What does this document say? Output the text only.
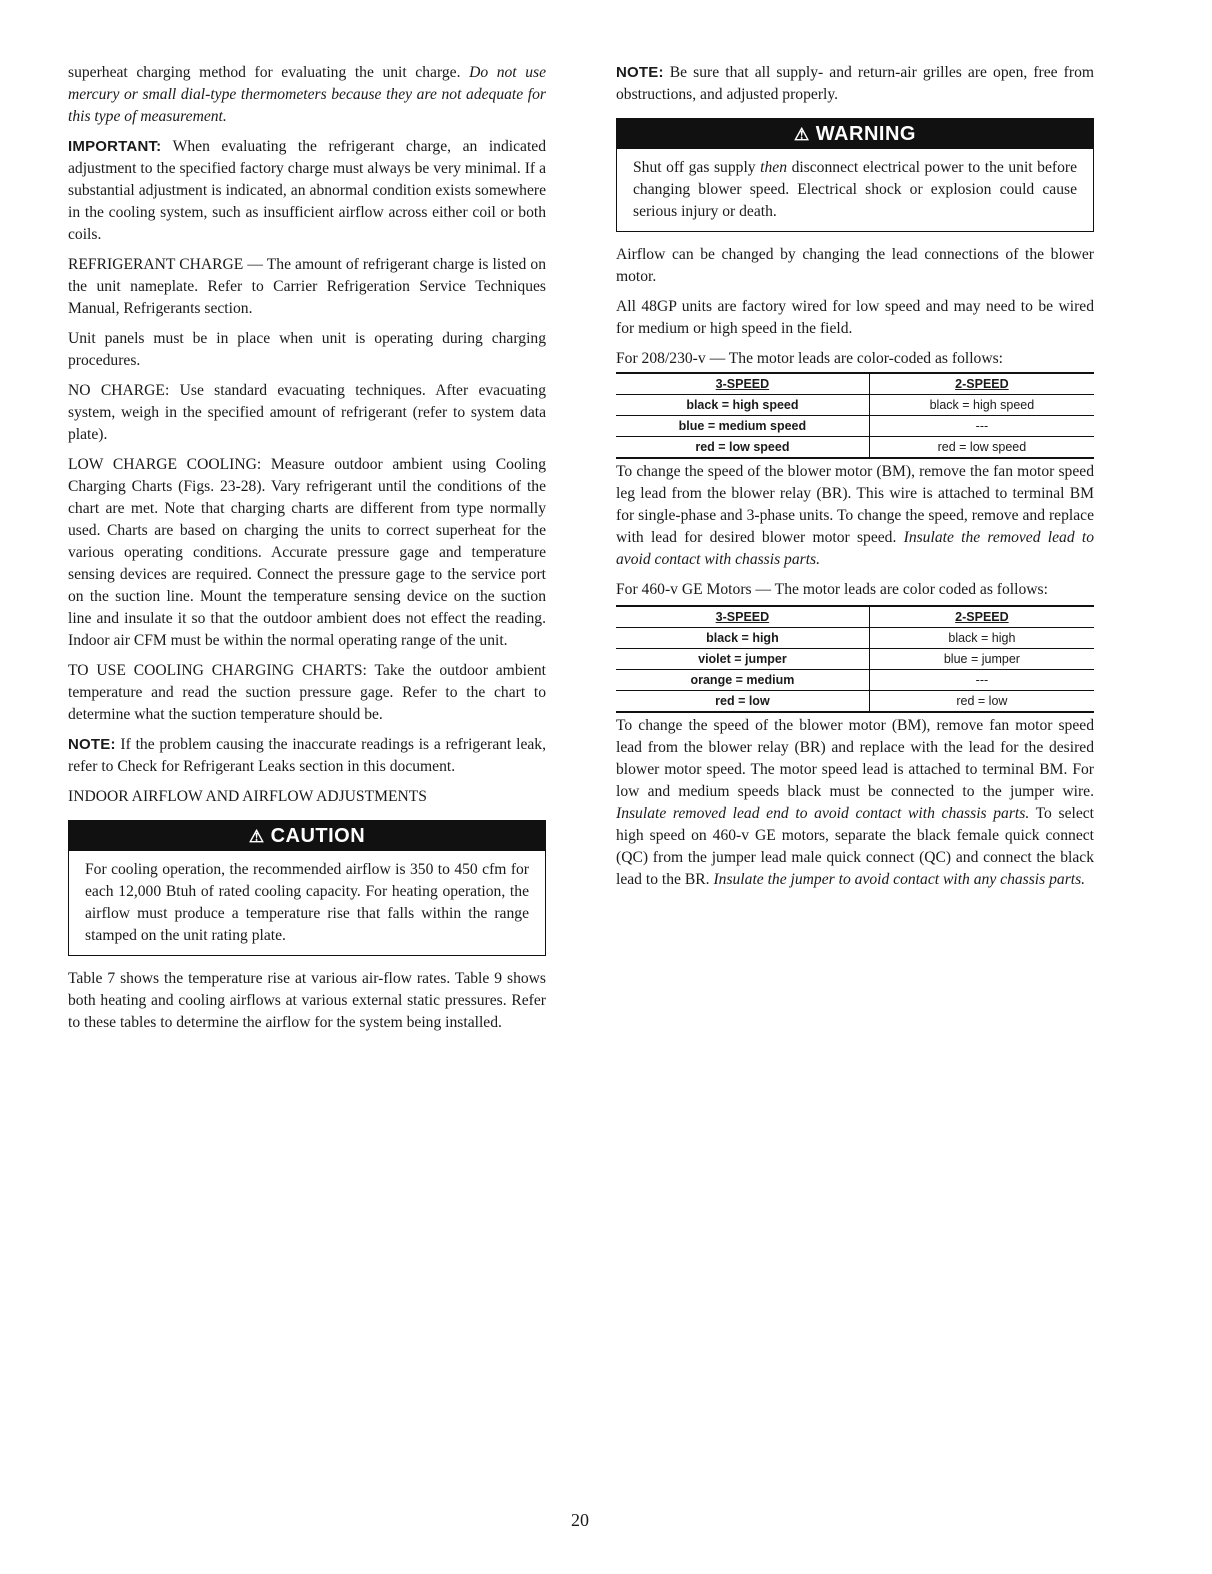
superheat charging method for evaluating the unit charge. Do not use mercury or small dial-type thermometers because they are not adequate for this type of measurement.

IMPORTANT: When evaluating the refrigerant charge, an indicated adjustment to the specified factory charge must always be very minimal. If a substantial adjustment is indicated, an abnormal condition exists somewhere in the cooling system, such as insufficient airflow across either coil or both coils.

REFRIGERANT CHARGE — The amount of refrigerant charge is listed on the unit nameplate. Refer to Carrier Refrigeration Service Techniques Manual, Refrigerants section.

Unit panels must be in place when unit is operating during charging procedures.

NO CHARGE: Use standard evacuating techniques. After evacuating system, weigh in the specified amount of refrigerant (refer to system data plate).

LOW CHARGE COOLING: Measure outdoor ambient using Cooling Charging Charts (Figs. 23-28). Vary refrigerant until the conditions of the chart are met. Note that charging charts are different from type normally used. Charts are based on charging the units to correct superheat for the various operating conditions. Accurate pressure gage and temperature sensing devices are required. Connect the pressure gage to the service port on the suction line. Mount the temperature sensing device on the suction line and insulate it so that the outdoor ambient does not effect the reading. Indoor air CFM must be within the normal operating range of the unit.

TO USE COOLING CHARGING CHARTS: Take the outdoor ambient temperature and read the suction pressure gage. Refer to the chart to determine what the suction temperature should be.

NOTE: If the problem causing the inaccurate readings is a refrigerant leak, refer to Check for Refrigerant Leaks section in this document.

INDOOR AIRFLOW AND AIRFLOW ADJUSTMENTS

⚠ CAUTION
For cooling operation, the recommended airflow is 350 to 450 cfm for each 12,000 Btuh of rated cooling capacity. For heating operation, the airflow must produce a temperature rise that falls within the range stamped on the unit rating plate.

Table 7 shows the temperature rise at various air-flow rates. Table 9 shows both heating and cooling airflows at various external static pressures. Refer to these tables to determine the airflow for the system being installed.

NOTE: Be sure that all supply- and return-air grilles are open, free from obstructions, and adjusted properly.

⚠ WARNING
Shut off gas supply then disconnect electrical power to the unit before changing blower speed. Electrical shock or explosion could cause serious injury or death.

Airflow can be changed by changing the lead connections of the blower motor.

All 48GP units are factory wired for low speed and may need to be wired for medium or high speed in the field.

For 208/230-v — The motor leads are color-coded as follows:

3-SPEED	2-SPEED
black = high speed	black = high speed
blue = medium speed	---
red = low speed	red = low speed

To change the speed of the blower motor (BM), remove the fan motor speed leg lead from the blower relay (BR). This wire is attached to terminal BM for single-phase and 3-phase units. To change the speed, remove and replace with lead for desired blower motor speed. Insulate the removed lead to avoid contact with chassis parts.

For 460-v GE Motors — The motor leads are color coded as follows:

3-SPEED	2-SPEED
black = high	black = high
violet = jumper	blue = jumper
orange = medium	---
red = low	red = low

To change the speed of the blower motor (BM), remove fan motor speed lead from the blower relay (BR) and replace with the lead for the desired blower motor speed. The motor speed lead is attached to terminal BM. For low and medium speeds black must be connected to the jumper wire. Insulate removed lead end to avoid contact with chassis parts. To select high speed on 460-v GE motors, separate the black female quick connect (QC) from the jumper lead male quick connect (QC) and connect the black lead to the BR. Insulate the jumper to avoid contact with any chassis parts.

20
